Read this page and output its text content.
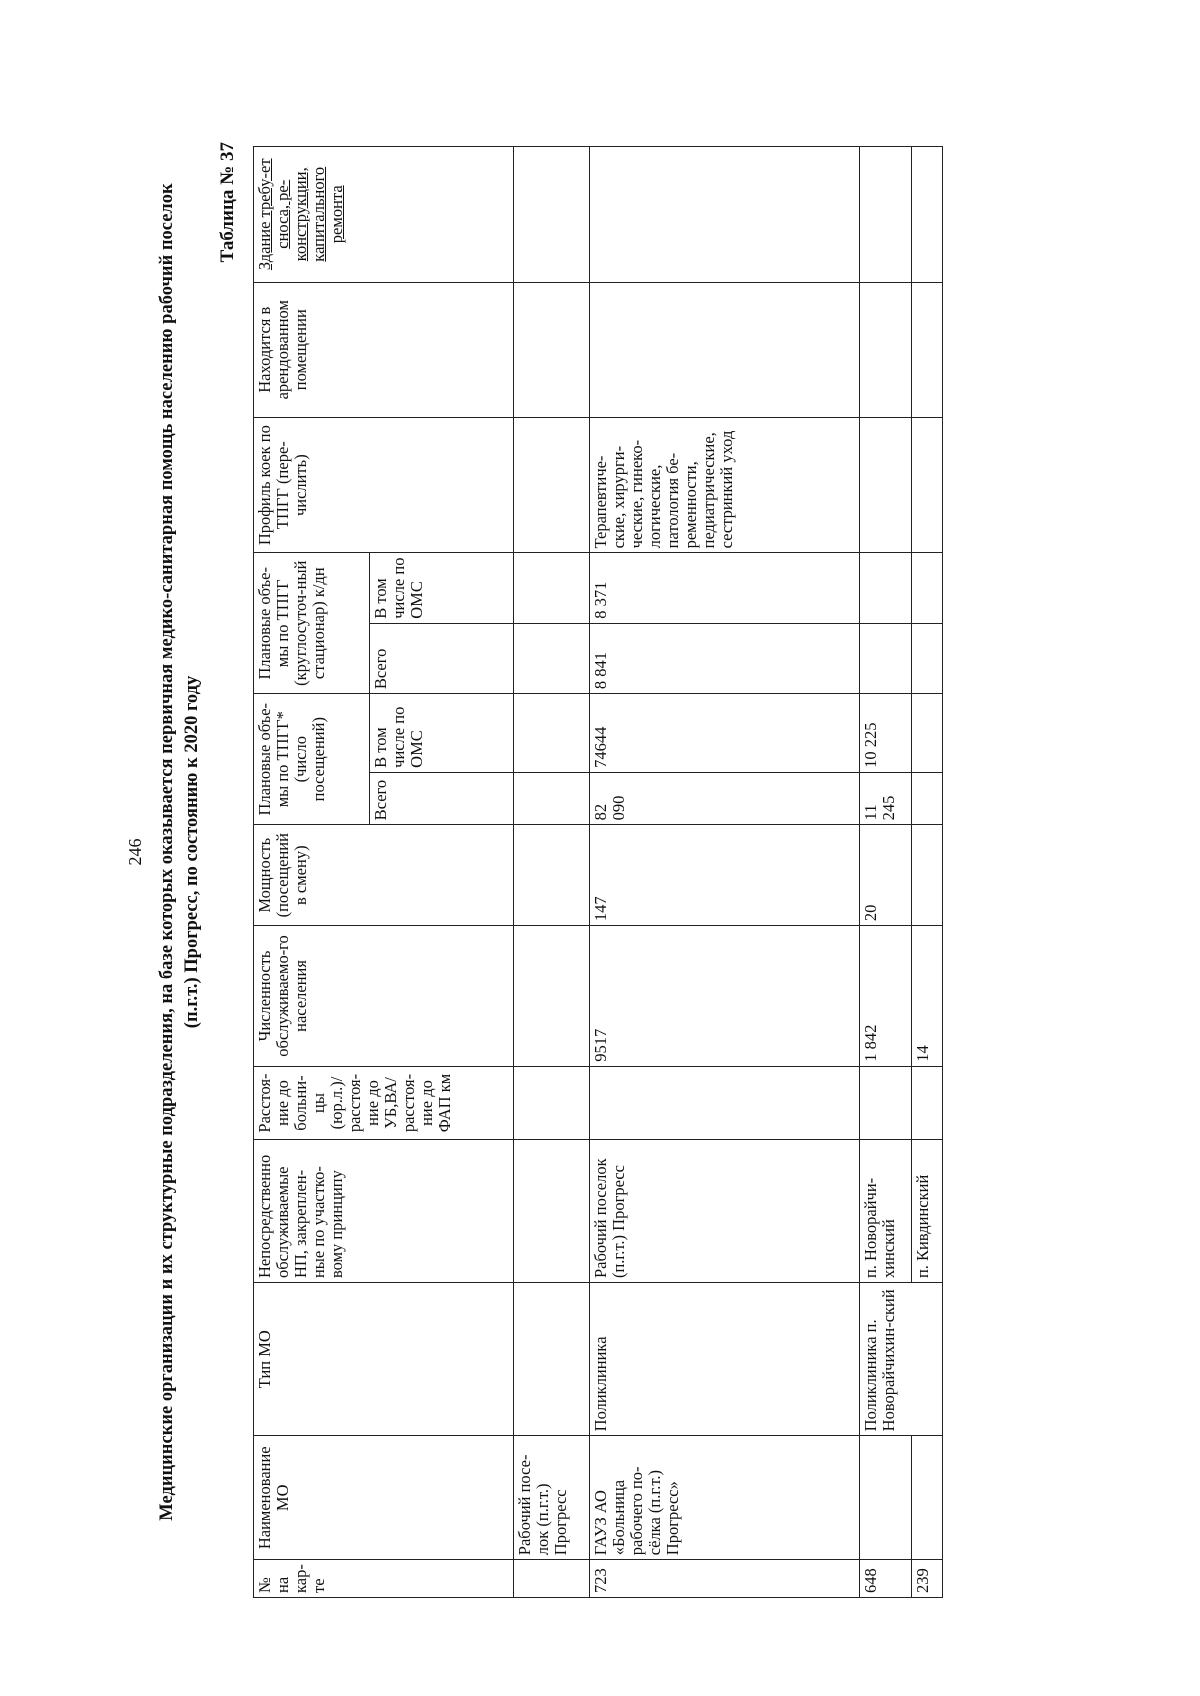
246 Медицинские организации и их структурные подразделения, на базе которых оказывается первичная медико-санитарная помощь населению рабочий поселок (п.г.т.) Прогресс, по состоянию к 2020 году
Таблица № 37
№ на кар-те	Наименование МО	Тип МО	Непосредственно обслуживаемые НП, закреплен-ные по участко-вому принципу	Расстоя-ние до больни-цы (юр.л.)/ расстоя-ние до УБ,ВА/ расстоя-ние до ФАП км	Численность обслуживаемо-го населения	Мощность (посещений в смену)	Плановые объе-мы по ТПГГ*(число посещений)		Плановые объе-мы по ТПГГ (круглосуточ-ный стационар) к/дн		Профиль коек по ТПГГ (пере-числить)	Находится в арендованном помещении	Здание требу-ет сноса, ре-конструкции, капитального ремонта
							Всего	В том числе по ОМС	Всего	В том числе по ОМС			
	Рабочий посе-лок (п.г.т.) Прогресс												
723	ГАУЗ АО «Больница рабочего по-сёлка (п.г.т.) Прогресс»	Поликлиника	Рабочий поселок (п.г.т.) Прогресс		9517	147	82 090	74644	8 841	8 371	Терапевтиче-ские, хирурги-ческие, гинеко-логические, патология бе-ременности, педиатрические, сестринкий уход		
648		Поликлиника п. Новорайчихин-ский	п. Новорайчи-хинский		1 842	20	11 245	10 225					
239			п. Кивдинский		14								
